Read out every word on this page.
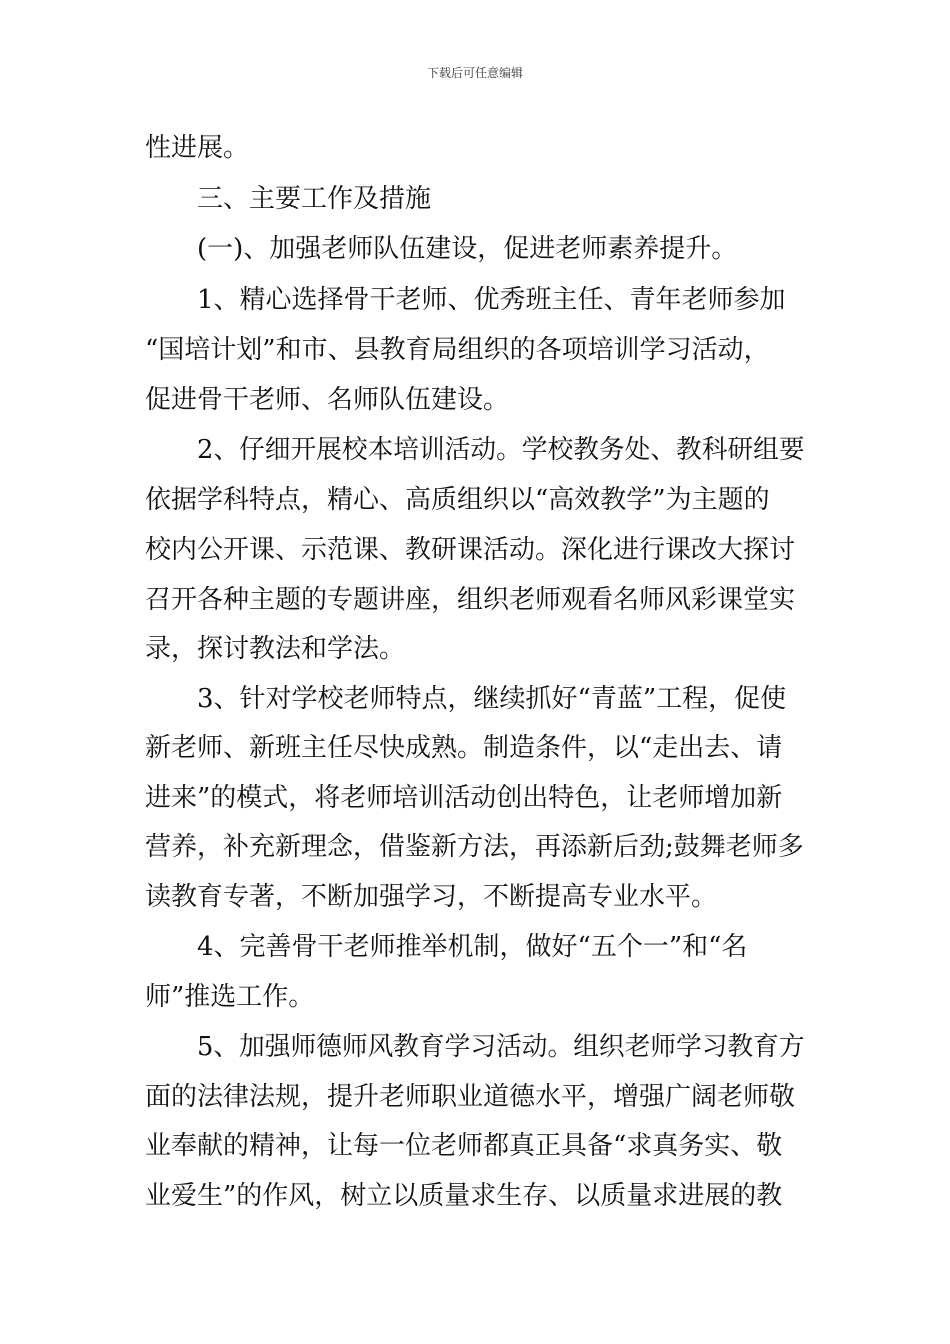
下载后可任意编辑
性进展。
三、主要工作及措施
(一)、加强老师队伍建设，促进老师素养提升。
1、精心选择骨干老师、优秀班主任、青年老师参加
“国培计划”和市、县教育局组织的各项培训学习活动，
促进骨干老师、名师队伍建设。
2、仔细开展校本培训活动。学校教务处、教科研组要
依据学科特点，精心、高质组织以“高效教学”为主题的
校内公开课、示范课、教研课活动。深化进行课改大探讨
召开各种主题的专题讲座，组织老师观看名师风彩课堂实
录，探讨教法和学法。
3、针对学校老师特点，继续抓好“青蓝”工程，促使
新老师、新班主任尽快成熟。制造条件，以“走出去、请
进来”的模式，将老师培训活动创出特色，让老师增加新
营养，补充新理念，借鉴新方法，再添新后劲;鼓舞老师多
读教育专著，不断加强学习，不断提高专业水平。
4、完善骨干老师推举机制，做好“五个一”和“名
师”推选工作。
5、加强师德师风教育学习活动。组织老师学习教育方
面的法律法规，提升老师职业道德水平，增强广阔老师敬
业奉献的精神，让每一位老师都真正具备“求真务实、敬
业爱生”的作风，树立以质量求生存、以质量求进展的教
